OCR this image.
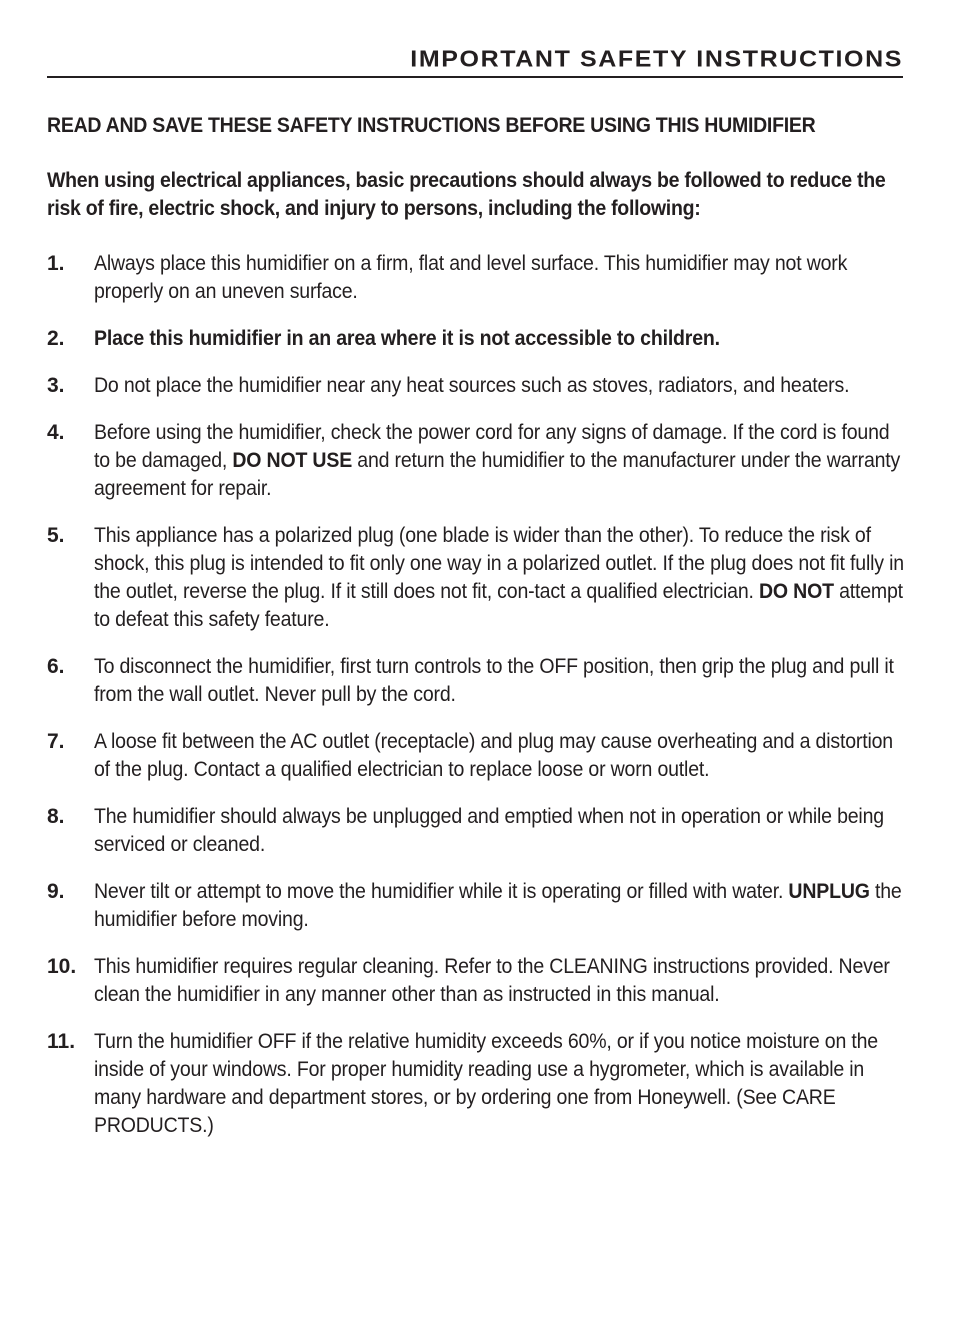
IMPORTANT SAFETY INSTRUCTIONS
READ AND SAVE THESE SAFETY INSTRUCTIONS BEFORE USING THIS HUMIDIFIER
When using electrical appliances, basic precautions should always be followed to reduce the risk of fire, electric shock, and injury to persons, including the following:
1.	Always place this humidifier on a firm, flat and level surface. This humidifier may not work properly on an uneven surface.
2.	Place this humidifier in an area where it is not accessible to children.
3.	Do not place the humidifier near any heat sources such as stoves, radiators, and heaters.
4.	Before using the humidifier, check the power cord for any signs of damage. If the cord is found to be damaged, DO NOT USE and return the humidifier to the manufacturer under the warranty agreement for repair.
5.	This appliance has a polarized plug (one blade is wider than the other). To reduce the risk of shock, this plug is intended to fit only one way in a polarized outlet. If the plug does not fit fully in the outlet, reverse the plug. If it still does not fit, con-tact a qualified electrician. DO NOT attempt to defeat this safety feature.
6.	To disconnect the humidifier, first turn controls to the OFF position, then grip the plug and pull it from the wall outlet. Never pull by the cord.
7.	A loose fit between the AC outlet (receptacle) and plug may cause overheating and a distortion of the plug. Contact a qualified electrician to replace loose or worn outlet.
8.	The humidifier should always be unplugged and emptied when not in operation or while being serviced or cleaned.
9.	Never tilt or attempt to move the humidifier while it is operating or filled with water. UNPLUG the humidifier before moving.
10. This humidifier requires regular cleaning. Refer to the CLEANING instructions provided. Never clean the humidifier in any manner other than as instructed in this manual.
11. Turn the humidifier OFF if the relative humidity exceeds 60%, or if you notice moisture on the inside of your windows. For proper humidity reading use a hygrometer, which is available in many hardware and department stores, or by ordering one from Honeywell. (See CARE PRODUCTS.)
